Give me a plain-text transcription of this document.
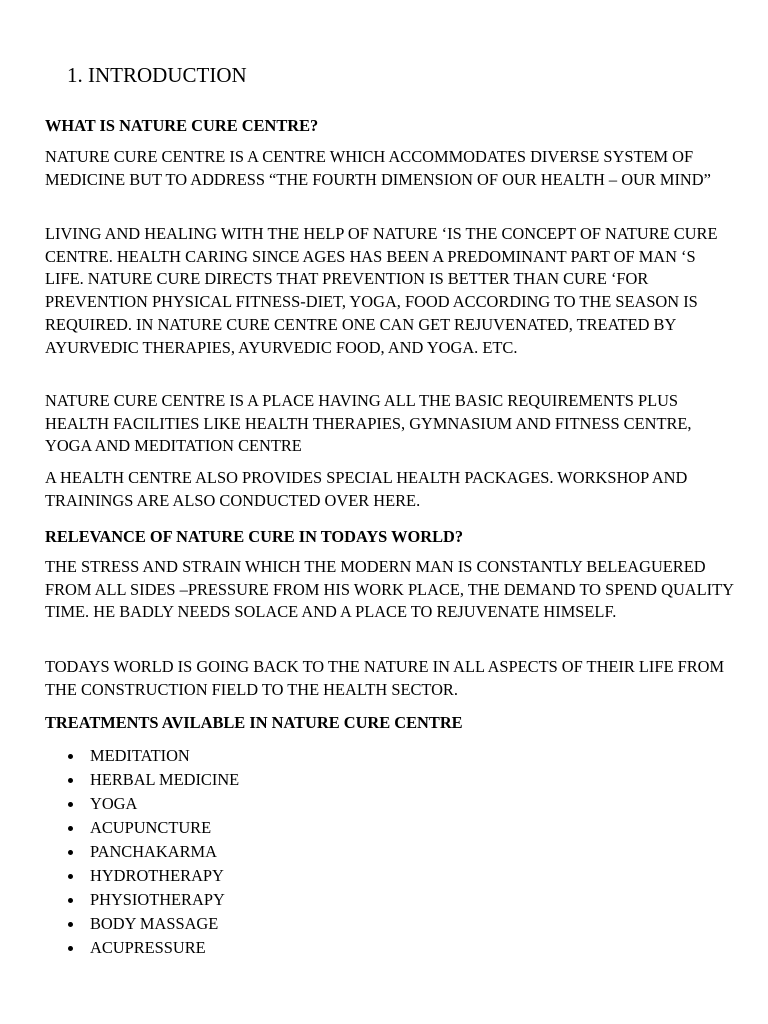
1. INTRODUCTION

WHAT IS NATURE CURE CENTRE?

NATURE CURE CENTRE IS A CENTRE WHICH ACCOMMODATES DIVERSE SYSTEM OF MEDICINE BUT TO ADDRESS “THE FOURTH DIMENSION OF OUR HEALTH – OUR MIND”

LIVING AND HEALING WITH THE HELP OF NATURE ‘IS THE CONCEPT OF NATURE CURE CENTRE. HEALTH CARING SINCE AGES HAS BEEN A PREDOMINANT PART OF MAN ‘S LIFE. NATURE CURE DIRECTS THAT PREVENTION IS BETTER THAN CURE ‘FOR PREVENTION PHYSICAL FITNESS-DIET, YOGA, FOOD ACCORDING TO THE SEASON IS REQUIRED. IN NATURE CURE CENTRE ONE CAN GET REJUVENATED, TREATED BY AYURVEDIC THERAPIES, AYURVEDIC FOOD, AND YOGA. ETC.

NATURE CURE CENTRE IS A PLACE HAVING ALL THE BASIC REQUIREMENTS PLUS HEALTH FACILITIES LIKE HEALTH THERAPIES, GYMNASIUM AND FITNESS CENTRE, YOGA AND MEDITATION CENTRE

A HEALTH CENTRE ALSO PROVIDES SPECIAL HEALTH PACKAGES. WORKSHOP AND TRAININGS ARE ALSO CONDUCTED OVER HERE.

RELEVANCE OF NATURE CURE IN TODAYS WORLD?

THE STRESS AND STRAIN WHICH THE MODERN MAN IS CONSTANTLY BELEAGUERED FROM ALL SIDES –PRESSURE FROM HIS WORK PLACE, THE DEMAND TO SPEND QUALITY TIME. HE BADLY NEEDS SOLACE AND A PLACE TO REJUVENATE HIMSELF.

TODAYS WORLD IS GOING BACK TO THE NATURE IN ALL ASPECTS OF THEIR LIFE FROM THE CONSTRUCTION FIELD TO THE HEALTH SECTOR.

TREATMENTS AVILABLE IN NATURE CURE CENTRE

MEDITATION
HERBAL MEDICINE
YOGA
ACUPUNCTURE
PANCHAKARMA
HYDROTHERAPY
PHYSIOTHERAPY
BODY MASSAGE
ACUPRESSURE
